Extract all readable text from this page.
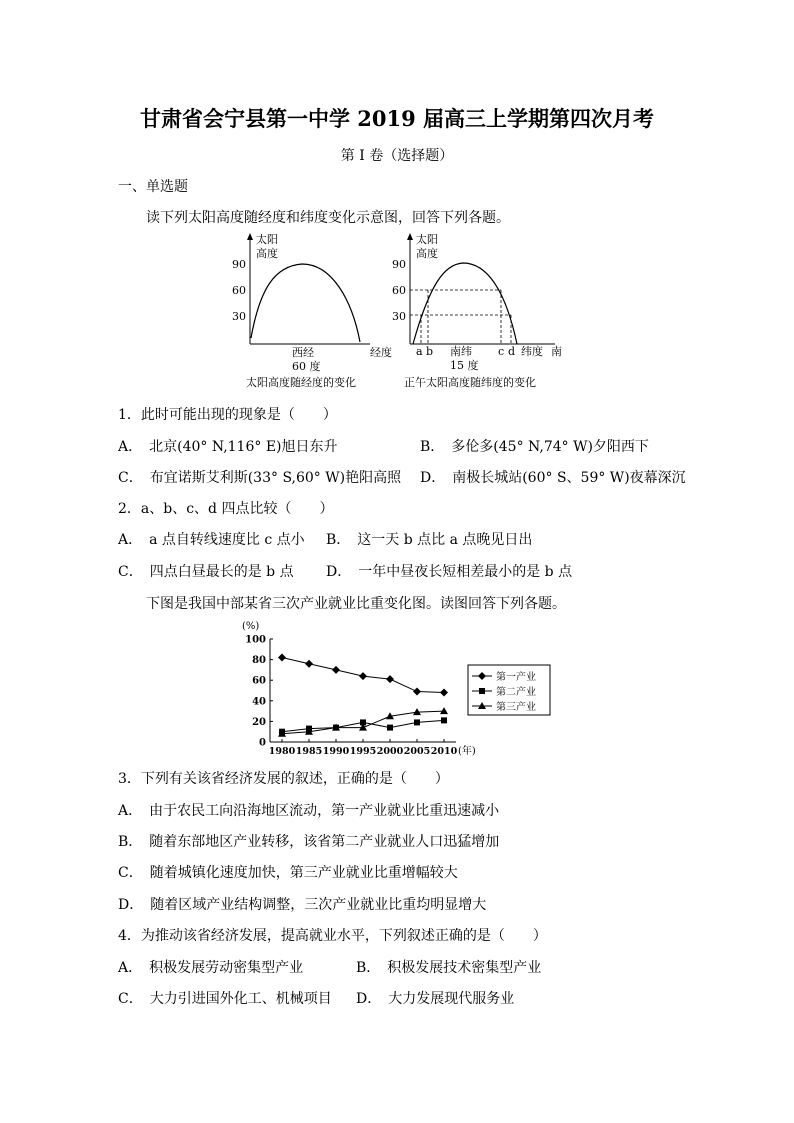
甘肃省会宁县第一中学 2019 届高三上学期第四次月考
第 I 卷（选择题）
一、单选题
读下列太阳高度随经度和纬度变化示意图，回答下列各题。
太阳
高度
90
60
30
西经
60 度
经度
太阳高度随经度的变化
太阳
高度
90
60
30
a b	c d
南纬
15 度
纬度 南
正午太阳高度随纬度的变化
1．此时可能出现的现象是（　　）
A．　北京(40° N,116° E)旭日东升	B．　多伦多(45° N,74° W)夕阳西下
C．　布宜诺斯艾利斯(33° S,60° W)艳阳高照 D．　南极长城站(60° S、59° W)夜幕深沉
2．a、b、c、d 四点比较（　　）
A．　a 点自转线速度比 c 点小 B．　这一天 b 点比 a 点晚见日出
C．　四点白昼最长的是 b 点 D．　一年中昼夜长短相差最小的是 b 点
下图是我国中部某省三次产业就业比重变化图。读图回答下列各题。
(%)
0
20
40
60
80
100
1980 1985 1990 1995 2000 2005 2010 (年)
第一产业
第二产业
第三产业
3．下列有关该省经济发展的叙述，正确的是（　　）
A．　由于农民工向沿海地区流动，第一产业就业比重迅速减小
B．　随着东部地区产业转移，该省第二产业就业人口迅猛增加
C．　随着城镇化速度加快，第三产业就业比重增幅较大
D．　随着区域产业结构调整，三次产业就业比重均明显增大
4．为推动该省经济发展，提高就业水平，下列叙述正确的是（　　）
A．　积极发展劳动密集型产业	B．　积极发展技术密集型产业
C．　大力引进国外化工、机械项目 D．　大力发展现代服务业
